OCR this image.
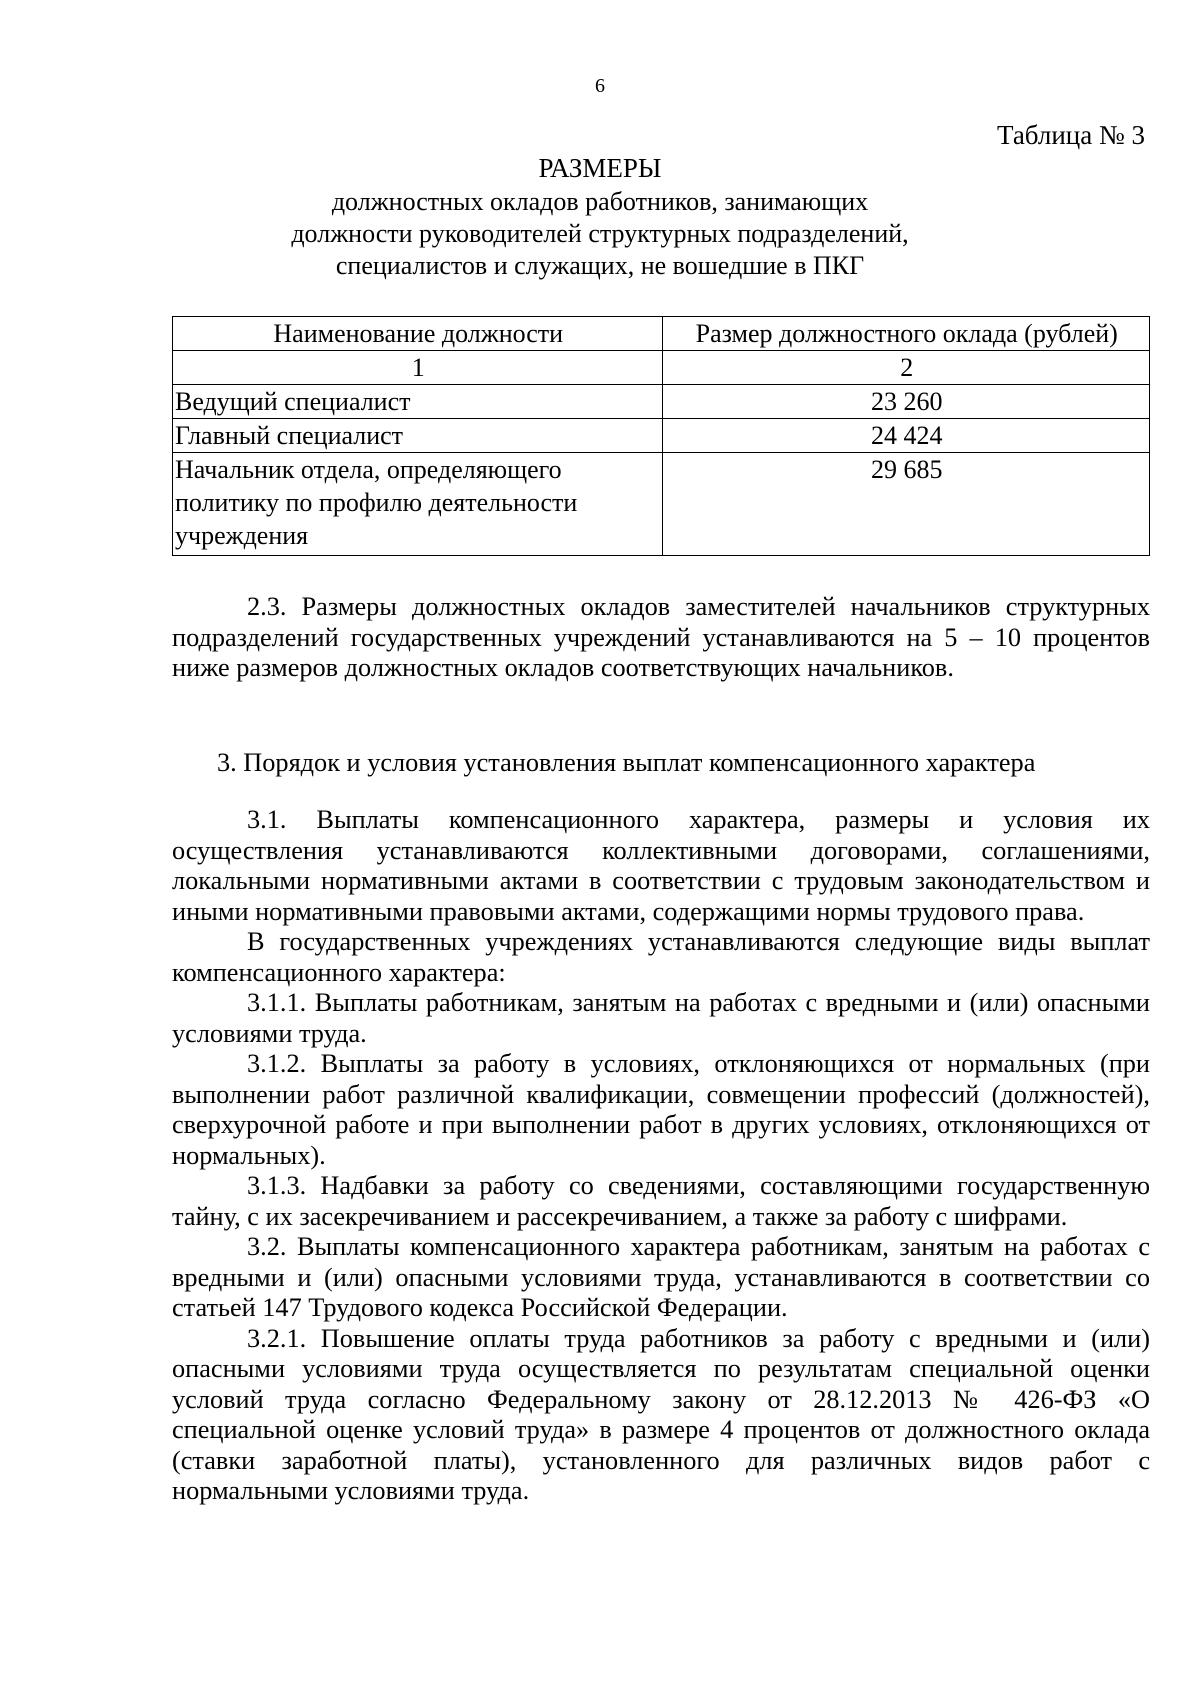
6
Таблица № 3
РАЗМЕРЫ
должностных окладов работников, занимающих
должности руководителей структурных подразделений,
специалистов и служащих, не вошедшие в ПКГ
Наименование должности	Размер должностного оклада (рублей)
1	2
Ведущий специалист	23 260
Главный специалист	24 424
Начальник отдела, определяющего политику по профилю деятельности учреждения	29 685

2.3. Размеры должностных окладов заместителей начальников структурных подразделений государственных учреждений устанавливаются на 5 – 10 процентов ниже размеров должностных окладов соответствующих начальников.

3. Порядок и условия установления выплат компенсационного характера

3.1. Выплаты компенсационного характера, размеры и условия их осуществления устанавливаются коллективными договорами, соглашениями, локальными нормативными актами в соответствии с трудовым законодательством и иными нормативными правовыми актами, содержащими нормы трудового права.

В государственных учреждениях устанавливаются следующие виды выплат компенсационного характера:

3.1.1. Выплаты работникам, занятым на работах с вредными и (или) опасными условиями труда.

3.1.2. Выплаты за работу в условиях, отклоняющихся от нормальных (при выполнении работ различной квалификации, совмещении профессий (должностей), сверхурочной работе и при выполнении работ в других условиях, отклоняющихся от нормальных).

3.1.3. Надбавки за работу со сведениями, составляющими государственную тайну, с их засекречиванием и рассекречиванием, а также за работу с шифрами.

3.2. Выплаты компенсационного характера работникам, занятым на работах с вредными и (или) опасными условиями труда, устанавливаются в соответствии со статьей 147 Трудового кодекса Российской Федерации.

3.2.1. Повышение оплаты труда работников за работу с вредными и (или) опасными условиями труда осуществляется по результатам специальной оценки условий труда согласно Федеральному закону от 28.12.2013 № 426-ФЗ «О специальной оценке условий труда» в размере 4 процентов от должностного оклада (ставки заработной платы), установленного для различных видов работ с нормальными условиями труда.
